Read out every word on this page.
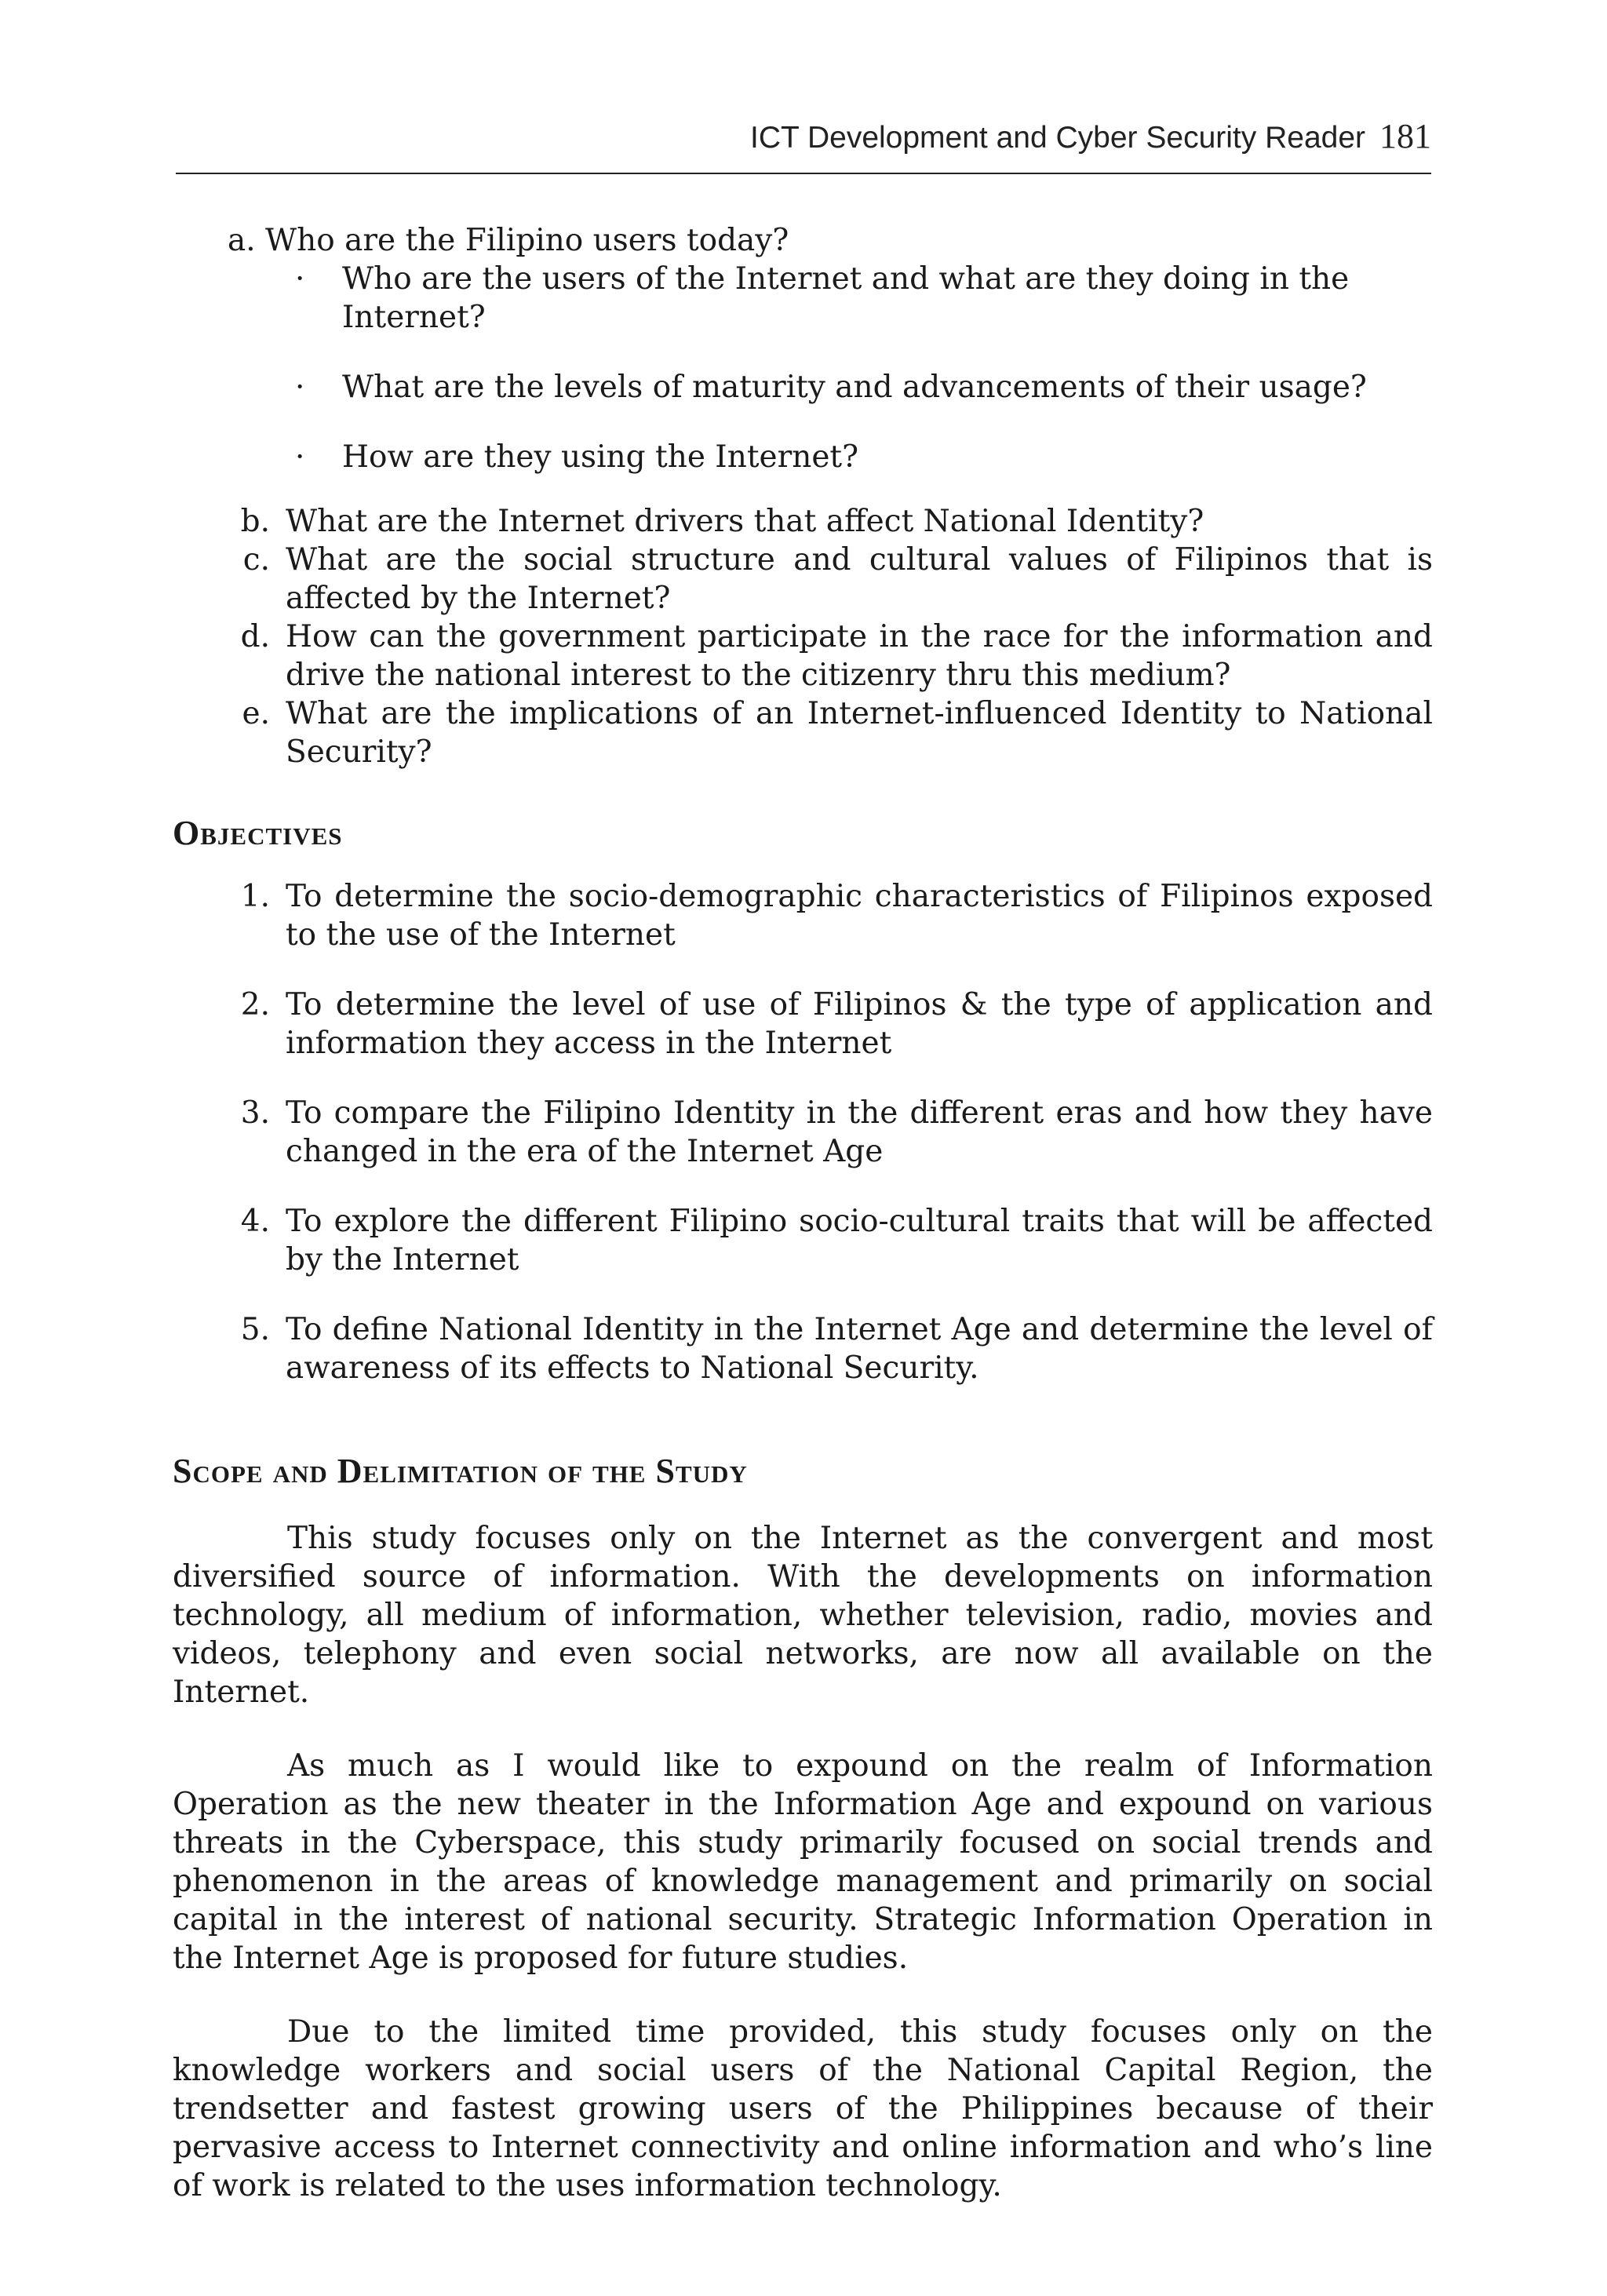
ICT Development and Cyber Security Reader 181
a. Who are the Filipino users today?
·	Who are the users of the Internet and what are they doing in the Internet?
·	What are the levels of maturity and advancements of their usage?
·	How are they using the Internet?
b. What are the Internet drivers that affect National Identity?
c. What are the social structure and cultural values of Filipinos that is affected by the Internet?
d. How can the government participate in the race for the information and drive the national interest to the citizenry thru this medium?
e. What are the implications of an Internet-influenced Identity to National Security?
Objectives
1. To determine the socio-demographic characteristics of Filipinos exposed to the use of the Internet
2. To determine the level of use of Filipinos & the type of application and information they access in the Internet
3. To compare the Filipino Identity in the different eras and how they have changed in the era of the Internet Age
4. To explore the different Filipino socio-cultural traits that will be affected by the Internet
5. To define National Identity in the Internet Age and determine the level of awareness of its effects to National Security.
Scope and Delimitation of the Study

This study focuses only on the Internet as the convergent and most diversified source of information. With the developments on information technology, all medium of information, whether television, radio, movies and videos, telephony and even social networks, are now all available on the Internet.

As much as I would like to expound on the realm of Information Operation as the new theater in the Information Age and expound on various threats in the Cyberspace, this study primarily focused on social trends and phenomenon in the areas of knowledge management and primarily on social capital in the interest of national security. Strategic Information Operation in the Internet Age is proposed for future studies.

Due to the limited time provided, this study focuses only on the knowledge workers and social users of the National Capital Region, the trendsetter and fastest growing users of the Philippines because of their pervasive access to Internet connectivity and online information and who’s line of work is related to the uses information technology.
